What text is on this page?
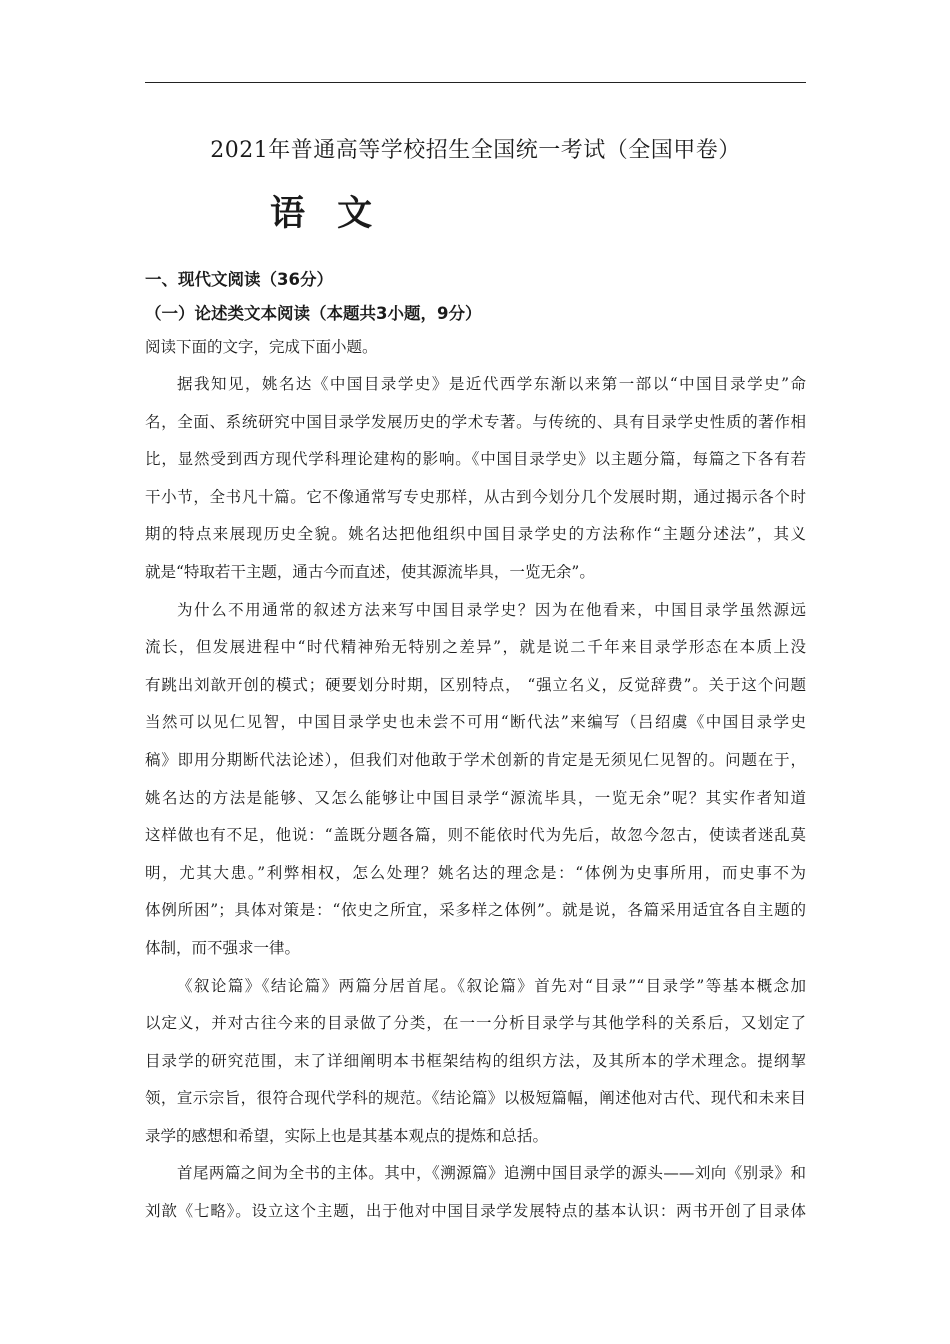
2021年普通高等学校招生全国统一考试（全国甲卷）
语 文
一、现代文阅读（36分）
（一）论述类文本阅读（本题共3小题，9分）
阅读下面的文字，完成下面小题。
据我知见，姚名达《中国目录学史》是近代西学东渐以来第一部以“中国目录学史”命
名，全面、系统研究中国目录学发展历史的学术专著。与传统的、具有目录学史性质的著作相
比，显然受到西方现代学科理论建构的影响。《中国目录学史》以主题分篇，每篇之下各有若
干小节，全书凡十篇。它不像通常写专史那样，从古到今划分几个发展时期，通过揭示各个时
期的特点来展现历史全貌。姚名达把他组织中国目录学史的方法称作“主题分述法”，其义
就是“特取若干主题，通古今而直述，使其源流毕具，一览无余”。
为什么不用通常的叙述方法来写中国目录学史？因为在他看来，中国目录学虽然源远
流长，但发展进程中“时代精神殆无特别之差异”，就是说二千年来目录学形态在本质上没
有跳出刘歆开创的模式；硬要划分时期，区别特点， “强立名义，反觉辞费”。关于这个问题
当然可以见仁见智，中国目录学史也未尝不可用“断代法”来编写（吕绍虞《中国目录学史
稿》即用分期断代法论述），但我们对他敢于学术创新的肯定是无须见仁见智的。问题在于，
姚名达的方法是能够、又怎么能够让中国目录学“源流毕具，一览无余”呢？其实作者知道
这样做也有不足，他说：“盖既分题各篇，则不能依时代为先后，故忽今忽古，使读者迷乱莫
明，尤其大患。”利弊相权，怎么处理？姚名达的理念是：“体例为史事所用，而史事不为
体例所困”；具体对策是：“依史之所宜，采多样之体例”。就是说，各篇采用适宜各自主题的
体制，而不强求一律。
《叙论篇》《结论篇》两篇分居首尾。《叙论篇》首先对“目录”“目录学”等基本概念加
以定义，并对古往今来的目录做了分类，在一一分析目录学与其他学科的关系后，又划定了
目录学的研究范围，末了详细阐明本书框架结构的组织方法，及其所本的学术理念。提纲挈
领，宣示宗旨，很符合现代学科的规范。《结论篇》以极短篇幅，阐述他对古代、现代和未来目
录学的感想和希望，实际上也是其基本观点的提炼和总括。
首尾两篇之间为全书的主体。其中，《溯源篇》追溯中国目录学的源头——刘向《别录》和
刘歆《七略》。设立这个主题，出于他对中国目录学发展特点的基本认识：两书开创了目录体
